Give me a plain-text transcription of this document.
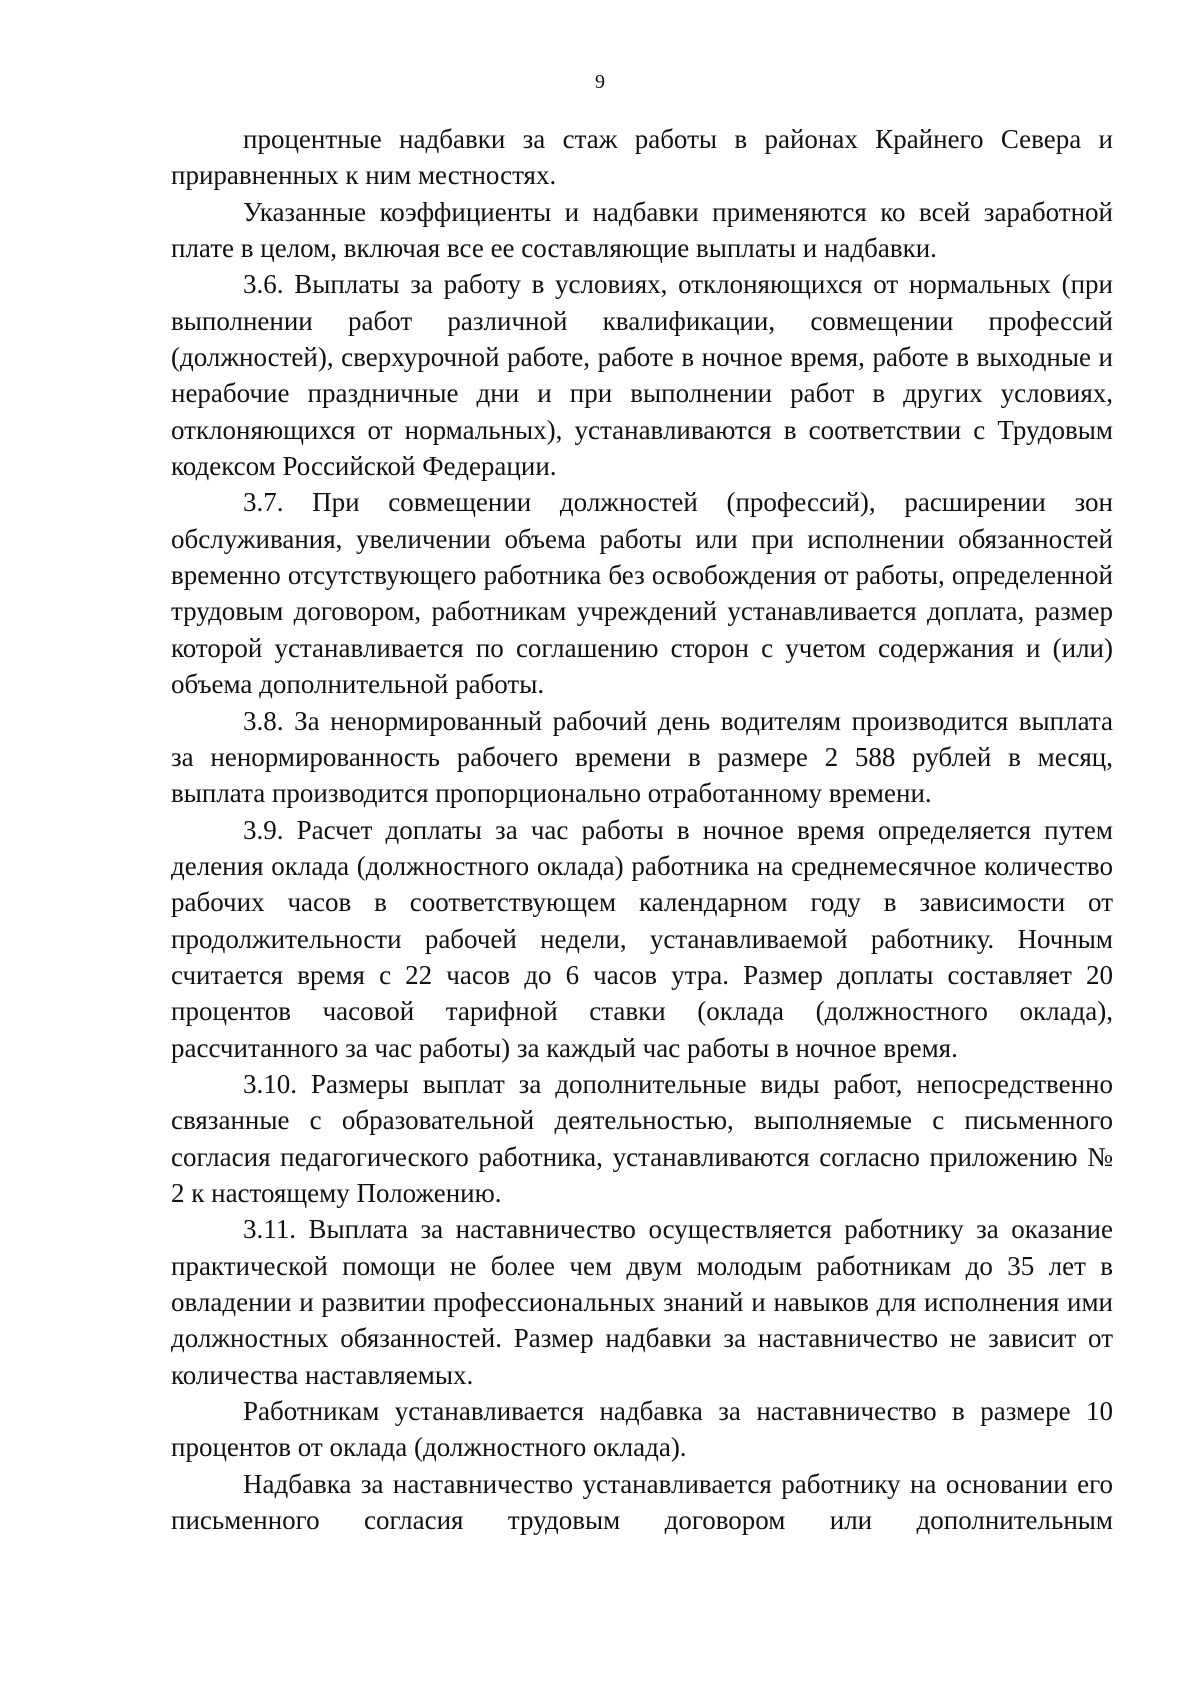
9

процентные надбавки за стаж работы в районах Крайнего Севера и приравненных к ним местностях.

Указанные коэффициенты и надбавки применяются ко всей заработной плате в целом, включая все ее составляющие выплаты и надбавки.

3.6. Выплаты за работу в условиях, отклоняющихся от нормальных (при выполнении работ различной квалификации, совмещении профессий (должностей), сверхурочной работе, работе в ночное время, работе в выходные и нерабочие праздничные дни и при выполнении работ в других условиях, отклоняющихся от нормальных), устанавливаются в соответствии с Трудовым кодексом Российской Федерации.

3.7. При совмещении должностей (профессий), расширении зон обслуживания, увеличении объема работы или при исполнении обязанностей временно отсутствующего работника без освобождения от работы, определенной трудовым договором, работникам учреждений устанавливается доплата, размер которой устанавливается по соглашению сторон с учетом содержания и (или) объема дополнительной работы.

3.8. За ненормированный рабочий день водителям производится выплата за ненормированность рабочего времени в размере 2 588 рублей в месяц, выплата производится пропорционально отработанному времени.

3.9. Расчет доплаты за час работы в ночное время определяется путем деления оклада (должностного оклада) работника на среднемесячное количество рабочих часов в соответствующем календарном году в зависимости от продолжительности рабочей недели, устанавливаемой работнику. Ночным считается время с 22 часов до 6 часов утра. Размер доплаты составляет 20 процентов часовой тарифной ставки (оклада (должностного оклада), рассчитанного за час работы) за каждый час работы в ночное время.

3.10. Размеры выплат за дополнительные виды работ, непосредственно связанные с образовательной деятельностью, выполняемые с письменного согласия педагогического работника, устанавливаются согласно приложению № 2 к настоящему Положению.

3.11. Выплата за наставничество осуществляется работнику за оказание практической помощи не более чем двум молодым работникам до 35 лет в овладении и развитии профессиональных знаний и навыков для исполнения ими должностных обязанностей. Размер надбавки за наставничество не зависит от количества наставляемых.

Работникам устанавливается надбавка за наставничество в размере 10 процентов от оклада (должностного оклада).

Надбавка за наставничество устанавливается работнику на основании его письменного согласия трудовым договором или дополнительным
